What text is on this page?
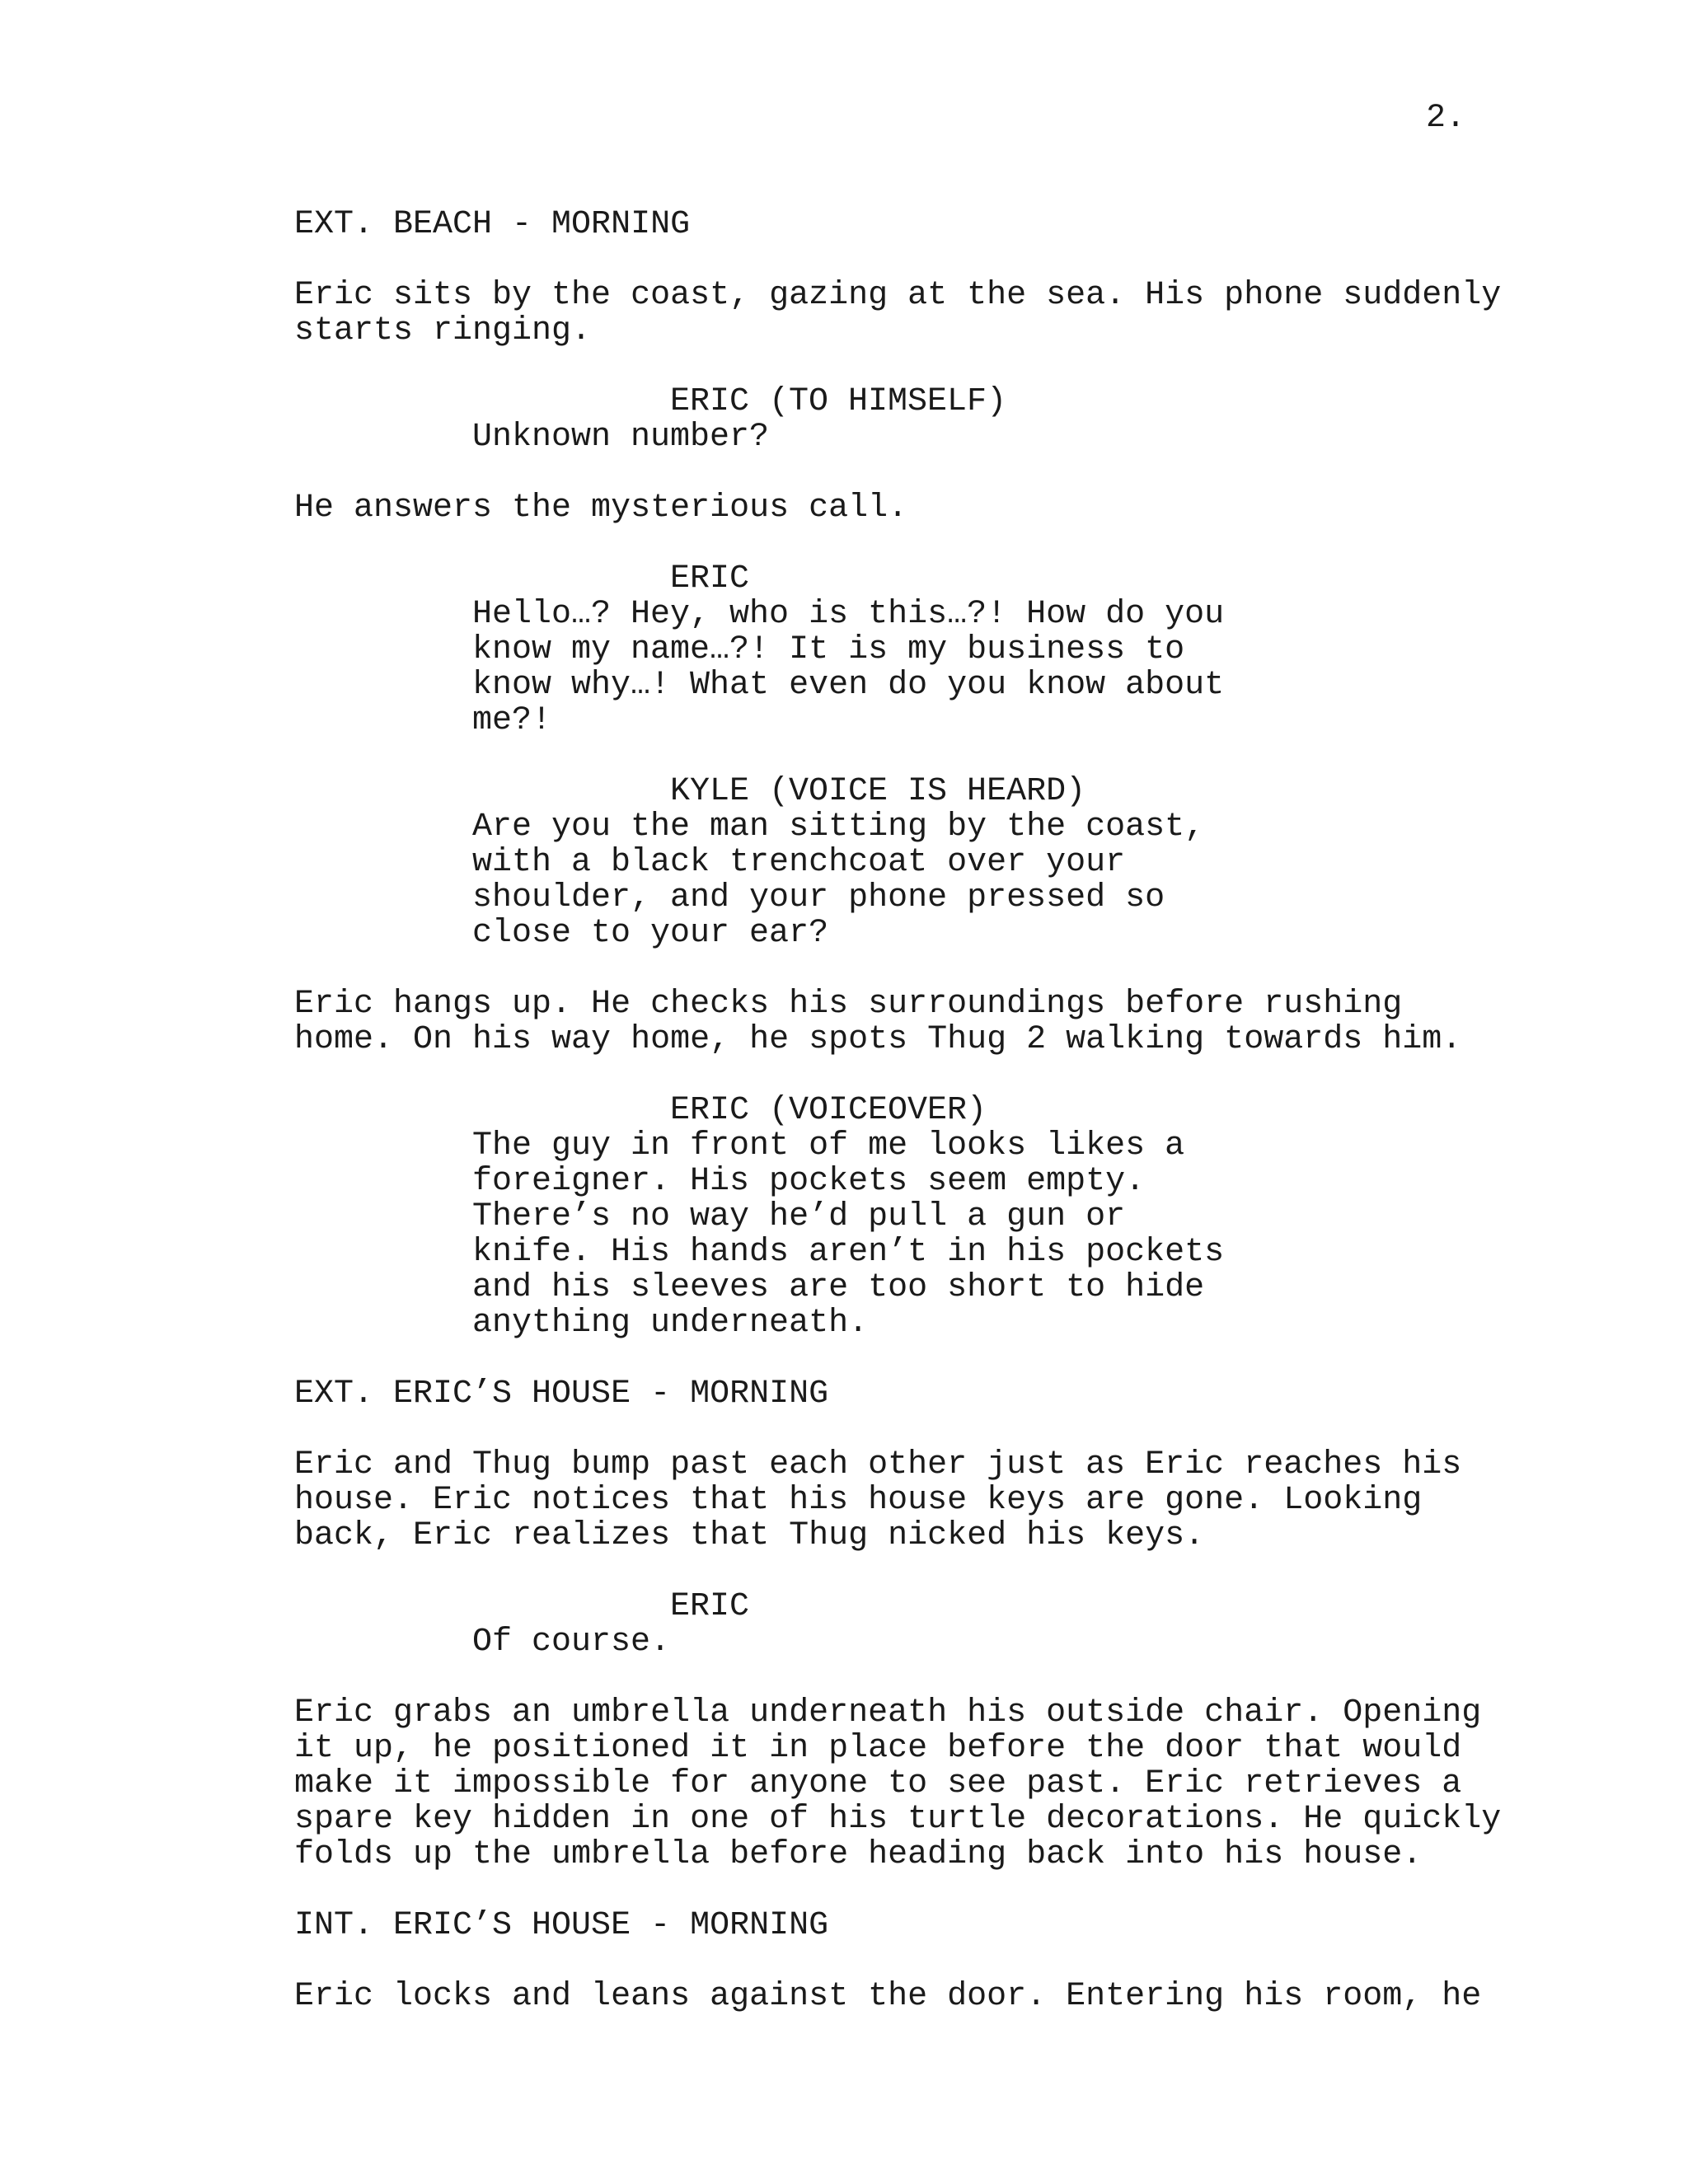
2.

EXT. BEACH - MORNING

Eric sits by the coast, gazing at the sea. His phone suddenly

starts ringing.

ERIC (TO HIMSELF)

Unknown number?

He answers the mysterious call.

ERIC

Hello…? Hey, who is this…?! How do you

know my name…?! It is my business to

know why…! What even do you know about

me?!

KYLE (VOICE IS HEARD)

Are you the man sitting by the coast,

with a black trenchcoat over your

shoulder, and your phone pressed so

close to your ear?

Eric hangs up. He checks his surroundings before rushing

home. On his way home, he spots Thug 2 walking towards him.

ERIC (VOICEOVER)

The guy in front of me looks likes a

foreigner. His pockets seem empty.

There’s no way he’d pull a gun or

knife. His hands aren’t in his pockets

and his sleeves are too short to hide

anything underneath.

EXT. ERIC’S HOUSE - MORNING

Eric and Thug bump past each other just as Eric reaches his

house. Eric notices that his house keys are gone. Looking

back, Eric realizes that Thug nicked his keys.

ERIC

Of course.

Eric grabs an umbrella underneath his outside chair. Opening

it up, he positioned it in place before the door that would

make it impossible for anyone to see past. Eric retrieves a

spare key hidden in one of his turtle decorations. He quickly

folds up the umbrella before heading back into his house.

INT. ERIC’S HOUSE - MORNING

Eric locks and leans against the door. Entering his room, he
